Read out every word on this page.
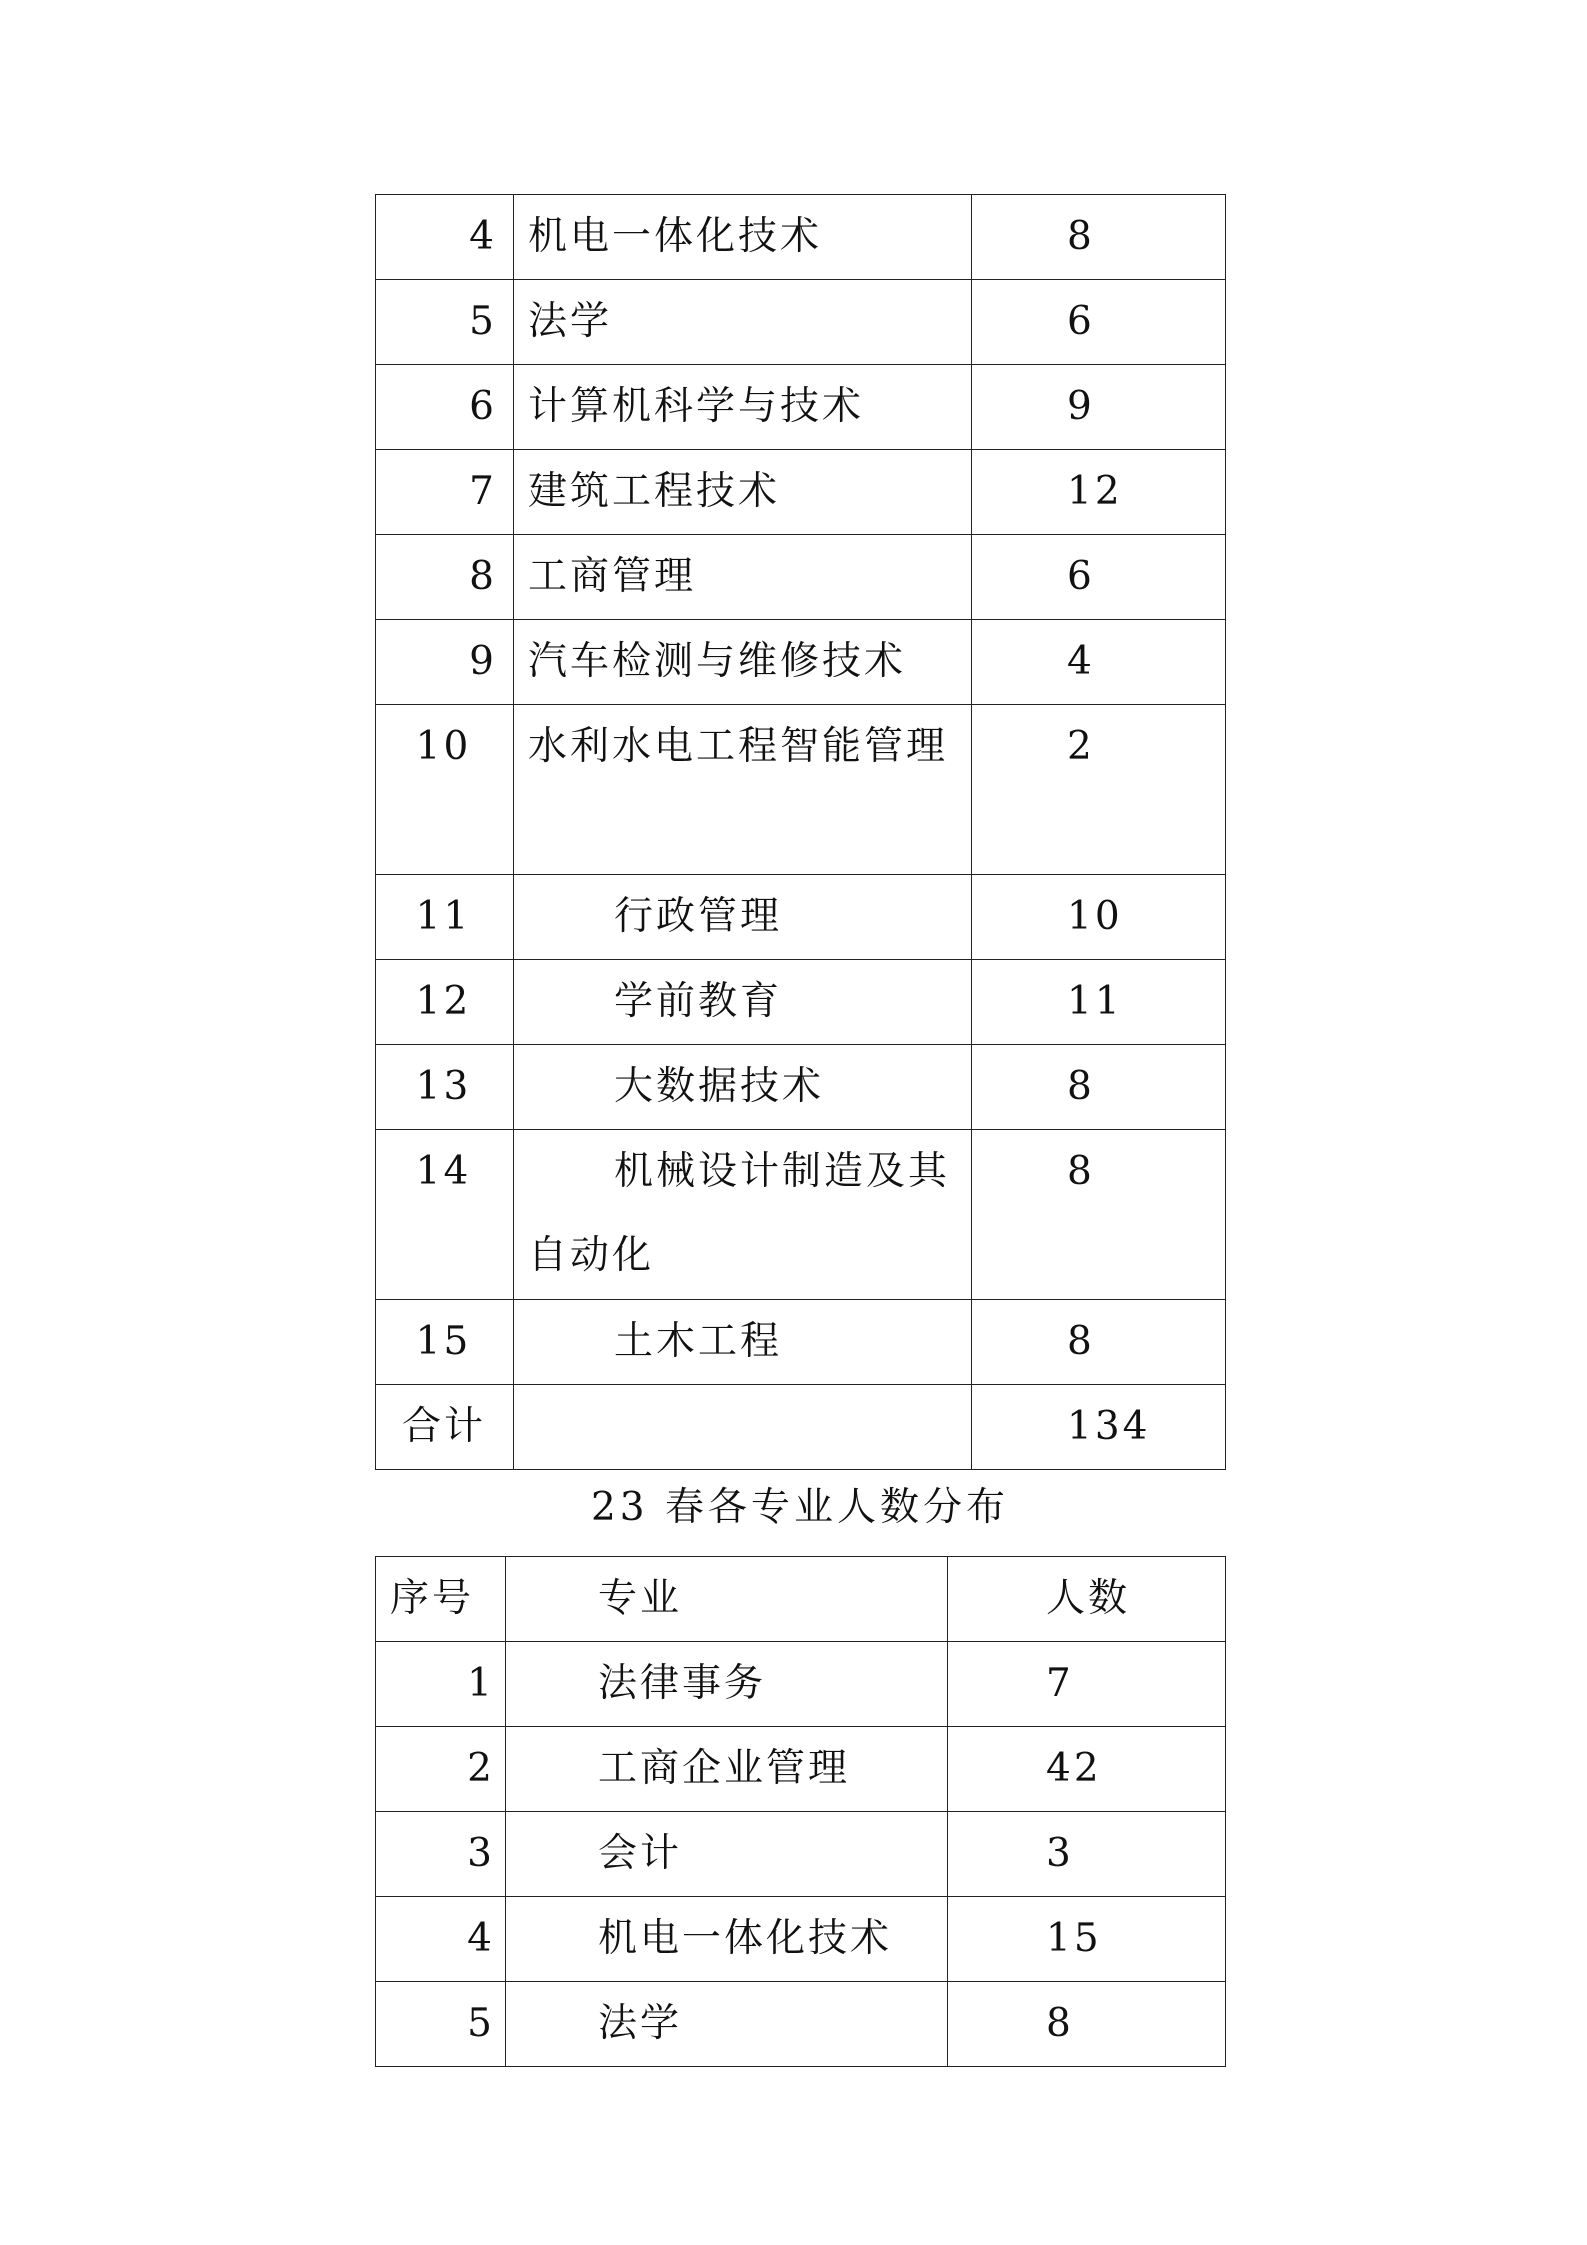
4	机电一体化技术	8
5	法学	6
6	计算机科学与技术	9
7	建筑工程技术	12
8	工商管理	6
9	汽车检测与维修技术	4
10	水利水电工程智能管理	2
11	行政管理	10
12	学前教育	11
13	大数据技术	8
14	机械设计制造及其自动化	8
15	土木工程	8
合计		134
23 春各专业人数分布
序号	专业	人数
1	法律事务	7
2	工商企业管理	42
3	会计	3
4	机电一体化技术	15
5	法学	8
